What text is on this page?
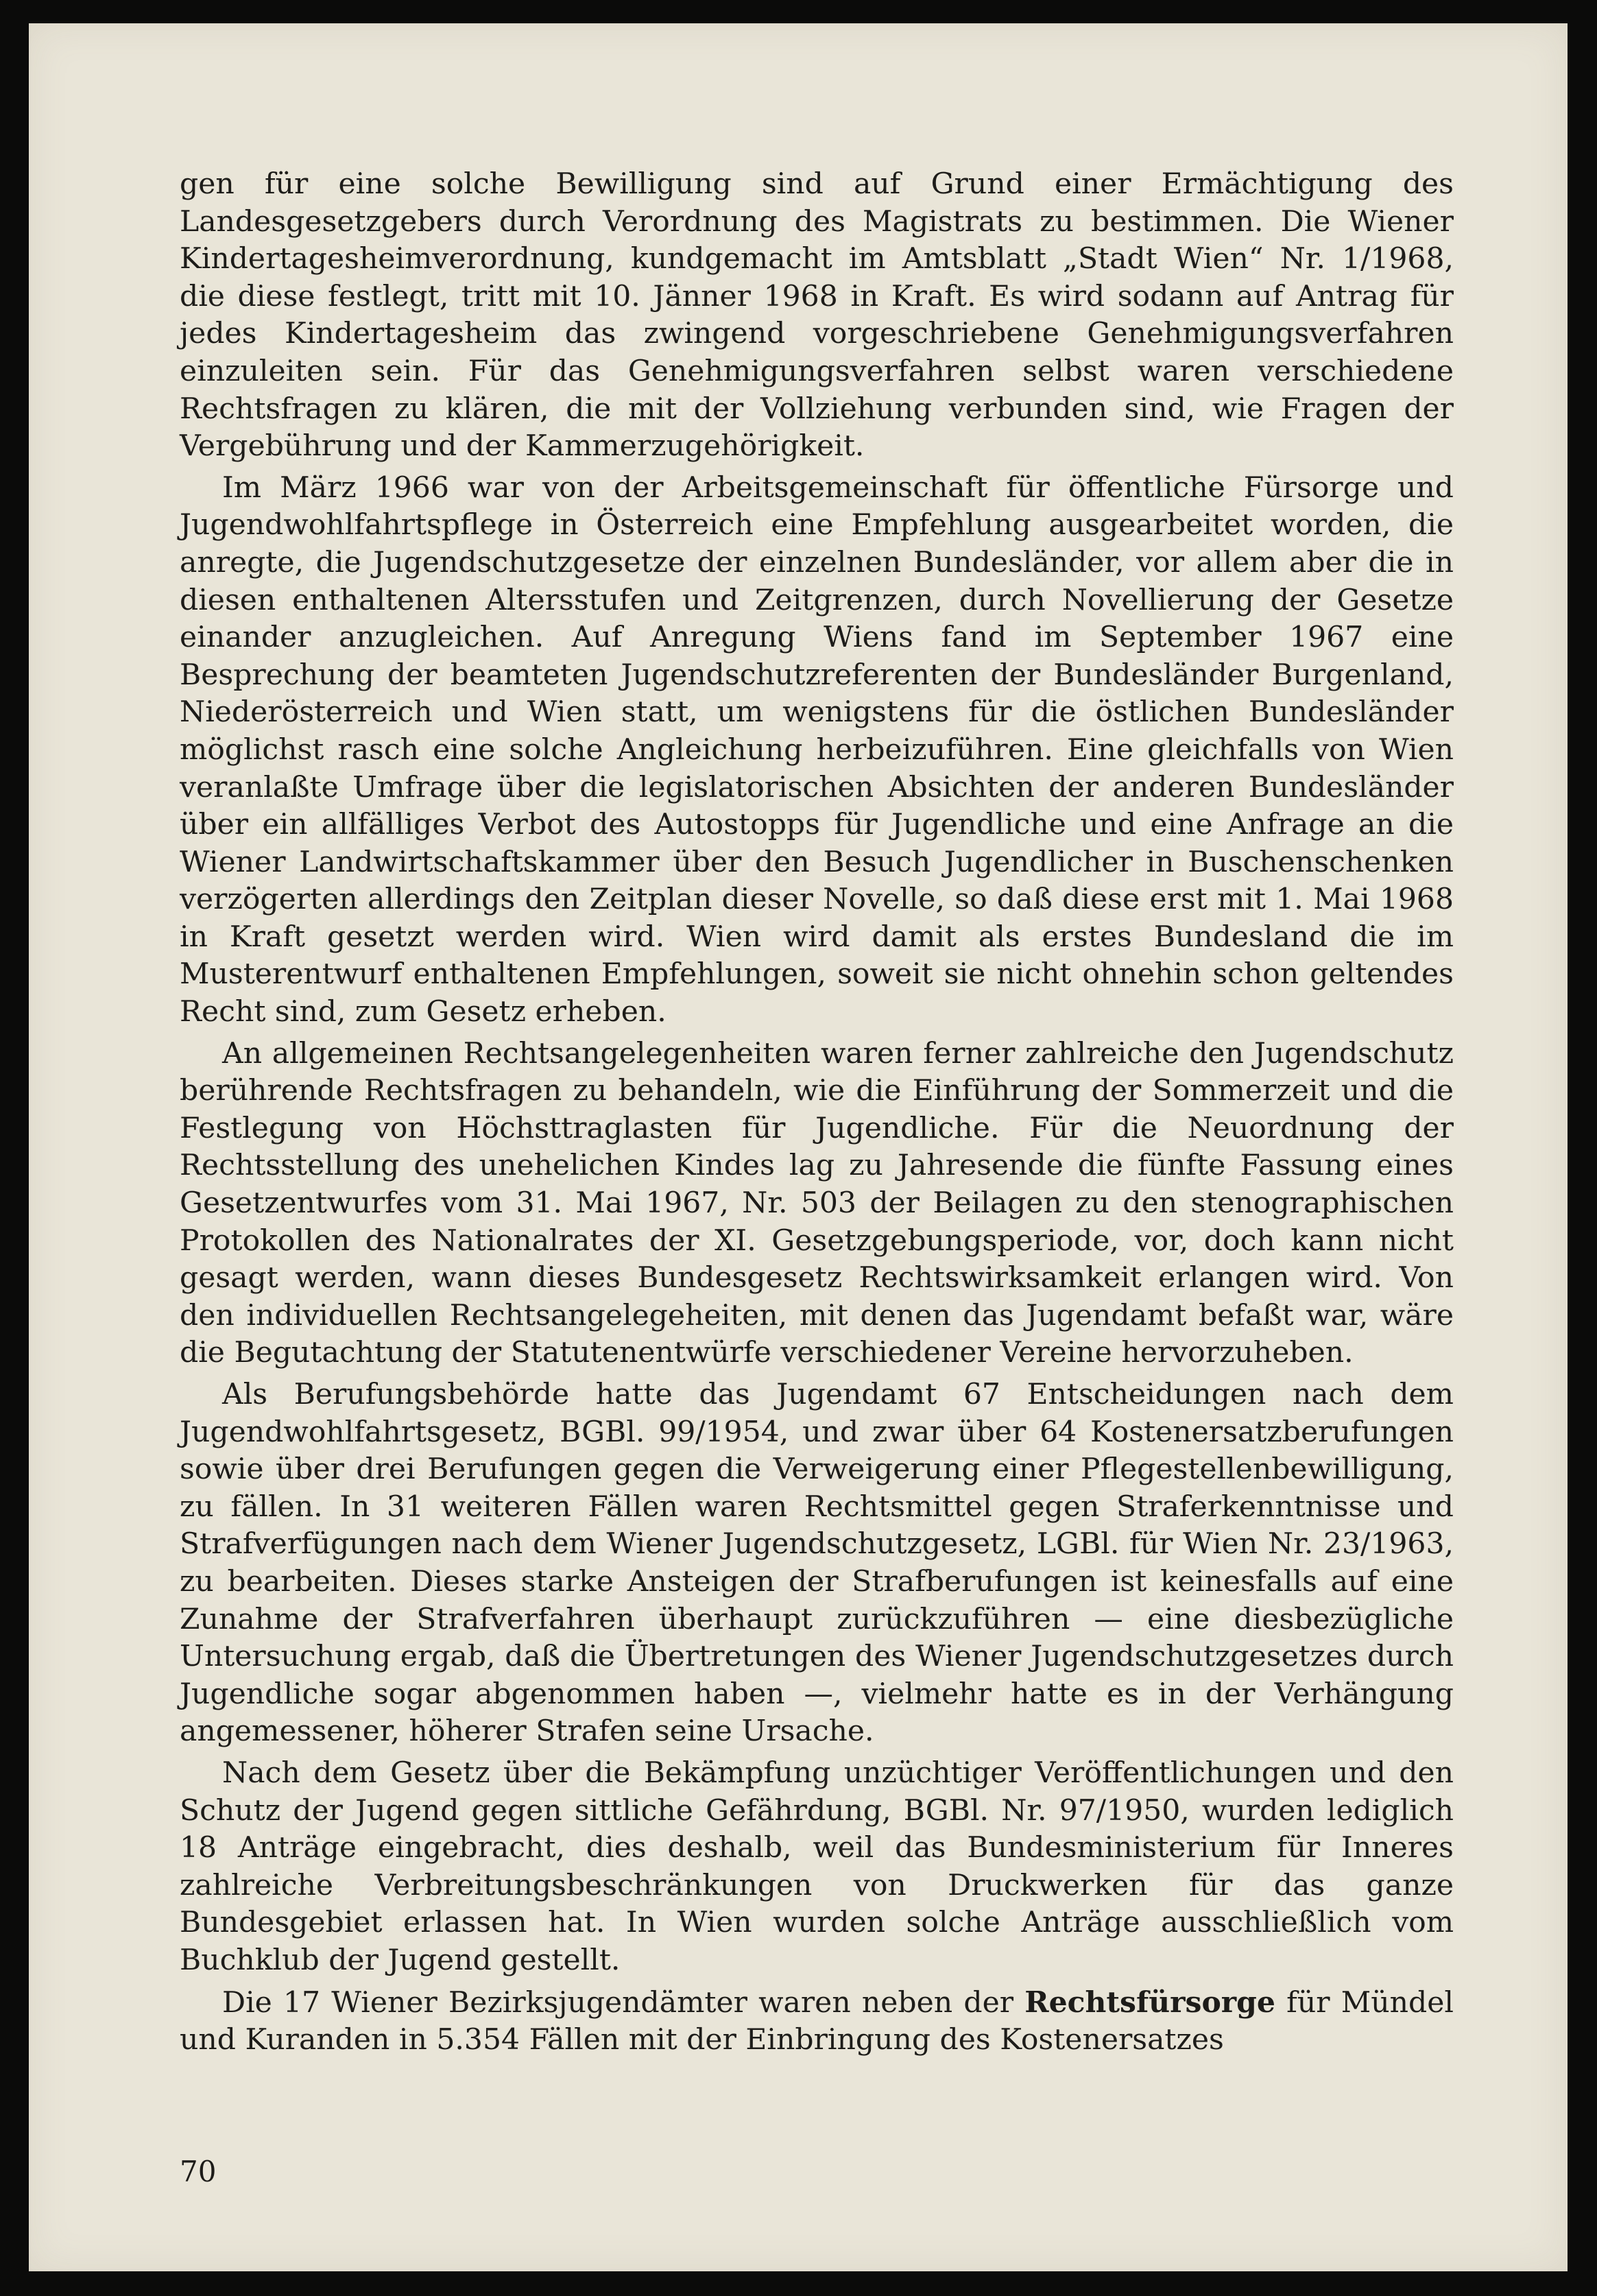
gen für eine solche Bewilligung sind auf Grund einer Ermächtigung des Landesgesetzgebers durch Verordnung des Magistrats zu bestimmen. Die Wiener Kindertagesheimverordnung, kundgemacht im Amtsblatt „Stadt Wien“ Nr. 1/1968, die diese festlegt, tritt mit 10. Jänner 1968 in Kraft. Es wird sodann auf Antrag für jedes Kindertagesheim das zwingend vorgeschriebene Genehmigungsverfahren einzuleiten sein. Für das Genehmigungsverfahren selbst waren verschiedene Rechtsfragen zu klären, die mit der Vollziehung verbunden sind, wie Fragen der Vergebührung und der Kammerzugehörigkeit.

Im März 1966 war von der Arbeitsgemeinschaft für öffentliche Fürsorge und Jugendwohlfahrtspflege in Österreich eine Empfehlung ausgearbeitet worden, die anregte, die Jugendschutzgesetze der einzelnen Bundesländer, vor allem aber die in diesen enthaltenen Altersstufen und Zeitgrenzen, durch Novellierung der Gesetze einander anzugleichen. Auf Anregung Wiens fand im September 1967 eine Besprechung der beamteten Jugendschutzreferenten der Bundesländer Burgenland, Niederösterreich und Wien statt, um wenigstens für die östlichen Bundesländer möglichst rasch eine solche Angleichung herbeizuführen. Eine gleichfalls von Wien veranlaßte Umfrage über die legislatorischen Absichten der anderen Bundesländer über ein allfälliges Verbot des Autostopps für Jugendliche und eine Anfrage an die Wiener Landwirtschaftskammer über den Besuch Jugendlicher in Buschenschenken verzögerten allerdings den Zeitplan dieser Novelle, so daß diese erst mit 1. Mai 1968 in Kraft gesetzt werden wird. Wien wird damit als erstes Bundesland die im Musterentwurf enthaltenen Empfehlungen, soweit sie nicht ohnehin schon geltendes Recht sind, zum Gesetz erheben.

An allgemeinen Rechtsangelegenheiten waren ferner zahlreiche den Jugendschutz berührende Rechtsfragen zu behandeln, wie die Einführung der Sommerzeit und die Festlegung von Höchsttraglasten für Jugendliche. Für die Neuordnung der Rechtsstellung des unehelichen Kindes lag zu Jahresende die fünfte Fassung eines Gesetzentwurfes vom 31. Mai 1967, Nr. 503 der Beilagen zu den stenographischen Protokollen des Nationalrates der XI. Gesetzgebungsperiode, vor, doch kann nicht gesagt werden, wann dieses Bundesgesetz Rechtswirksamkeit erlangen wird. Von den individuellen Rechtsangelegeheiten, mit denen das Jugendamt befaßt war, wäre die Begutachtung der Statutenentwürfe verschiedener Vereine hervorzuheben.

Als Berufungsbehörde hatte das Jugendamt 67 Entscheidungen nach dem Jugendwohlfahrtsgesetz, BGBl. 99/1954, und zwar über 64 Kostenersatzberufungen sowie über drei Berufungen gegen die Verweigerung einer Pflegestellenbewilligung, zu fällen. In 31 weiteren Fällen waren Rechtsmittel gegen Straferkenntnisse und Strafverfügungen nach dem Wiener Jugendschutzgesetz, LGBl. für Wien Nr. 23/1963, zu bearbeiten. Dieses starke Ansteigen der Strafberufungen ist keinesfalls auf eine Zunahme der Strafverfahren überhaupt zurückzuführen — eine diesbezügliche Untersuchung ergab, daß die Übertretungen des Wiener Jugendschutzgesetzes durch Jugendliche sogar abgenommen haben —, vielmehr hatte es in der Verhängung angemessener, höherer Strafen seine Ursache.

Nach dem Gesetz über die Bekämpfung unzüchtiger Veröffentlichungen und den Schutz der Jugend gegen sittliche Gefährdung, BGBl. Nr. 97/1950, wurden lediglich 18 Anträge eingebracht, dies deshalb, weil das Bundesministerium für Inneres zahlreiche Verbreitungsbeschränkungen von Druckwerken für das ganze Bundesgebiet erlassen hat. In Wien wurden solche Anträge ausschließlich vom Buchklub der Jugend gestellt.

Die 17 Wiener Bezirksjugendämter waren neben der Rechtsfürsorge für Mündel und Kuranden in 5.354 Fällen mit der Einbringung des Kostenersatzes

70
